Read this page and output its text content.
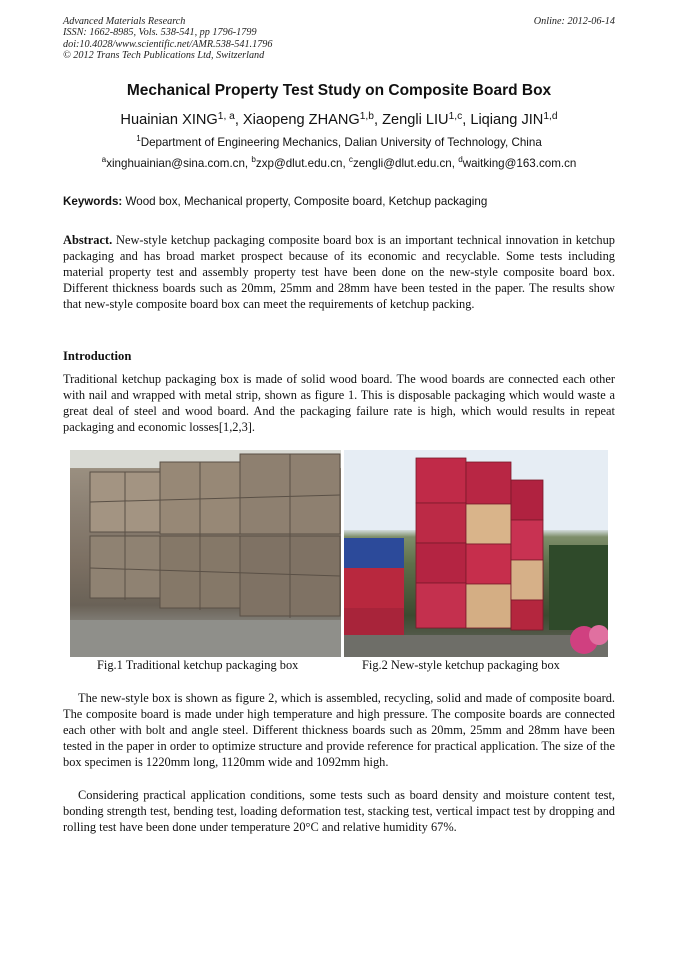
Advanced Materials Research
ISSN: 1662-8985, Vols. 538-541, pp 1796-1799
doi:10.4028/www.scientific.net/AMR.538-541.1796
© 2012 Trans Tech Publications Ltd, Switzerland
Online: 2012-06-14
Mechanical Property Test Study on Composite Board Box
Huainian XING$^{1, a}$, Xiaopeng ZHANG$^{1,b}$, Zengli LIU$^{1,c}$, Liqiang JIN$^{1,d}$
$^1$Department of Engineering Mechanics, Dalian University of Technology, China
$^a$xinghuainian@sina.com.cn, $^b$zxp@dlut.edu.cn, $^c$zengli@dlut.edu.cn, $^d$waitking@163.com.cn
Keywords: Wood box, Mechanical property, Composite board, Ketchup packaging
Abstract. New-style ketchup packaging composite board box is an important technical innovation in ketchup packaging and has broad market prospect because of its economic and recyclable. Some tests including material property test and assembly property test have been done on the new-style composite board box. Different thickness boards such as 20mm, 25mm and 28mm have been tested in the paper. The results show that new-style composite board box can meet the requirements of ketchup packing.
Introduction
Traditional ketchup packaging box is made of solid wood board. The wood boards are connected each other with nail and wrapped with metal strip, shown as figure 1. This is disposable packaging which would waste a great deal of steel and wood board. And the packaging failure rate is high, which would results in repeat packaging and economic losses[1,2,3].
Fig.1 Traditional ketchup packaging box	Fig.2 New-style ketchup packaging box
The new-style box is shown as figure 2, which is assembled, recycling, solid and made of composite board. The composite board is made under high temperature and high pressure. The composite boards are connected each other with bolt and angle steel. Different thickness boards such as 20mm, 25mm and 28mm have been tested in the paper in order to optimize structure and provide reference for practical application. The size of the box specimen is 1220mm long, 1120mm wide and 1092mm high.
Considering practical application conditions, some tests such as board density and moisture content test, bonding strength test, bending test, loading deformation test, stacking test, vertical impact test by dropping and rolling test have been done under temperature 20°C and relative humidity 67%.
